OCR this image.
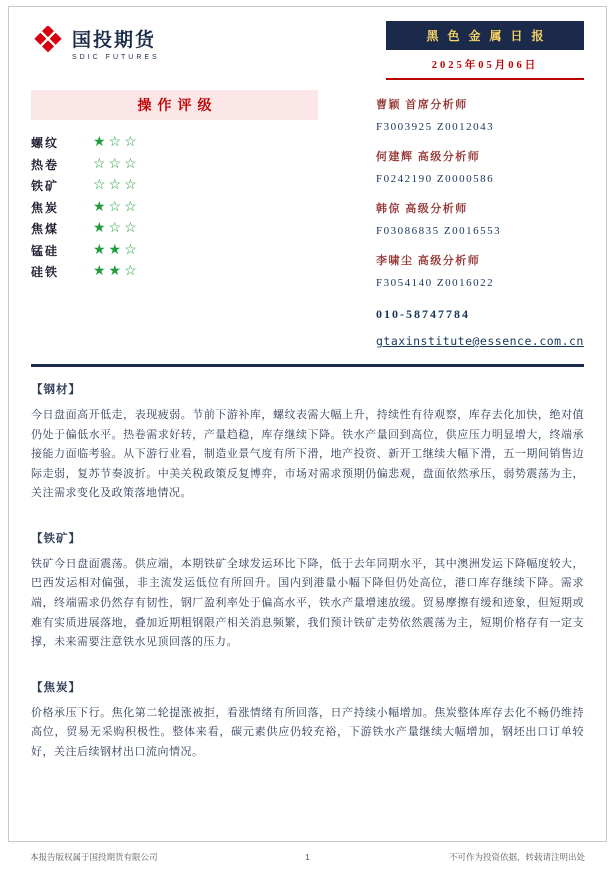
国投期货
SDIC FUTURES
黑色金属日报
2025年05月06日
操作评级
螺纹	★☆☆
热卷	☆☆☆
铁矿	☆☆☆
焦炭	★☆☆
焦煤	★☆☆
锰硅	★★☆
硅铁	★★☆
曹颖 首席分析师
F3003925 Z0012043
何建辉 高级分析师
F0242190 Z0000586
韩倞 高级分析师
F03086835 Z0016553
李啸尘 高级分析师
F3054140 Z0016022
010-58747784
gtaxinstitute@essence.com.cn
【钢材】

今日盘面高开低走，表现疲弱。节前下游补库，螺纹表需大幅上升，持续性有待观察，库存去化加快，绝对值仍处于偏低水平。热卷需求好转，产量趋稳，库存继续下降。铁水产量回到高位，供应压力明显增大，终端承接能力面临考验。从下游行业看，制造业景气度有所下滑，地产投资、新开工继续大幅下滑，五一期间销售边际走弱，复苏节奏波折。中美关税政策反复博弈，市场对需求预期仍偏悲观，盘面依然承压，弱势震荡为主，关注需求变化及政策落地情况。

【铁矿】

铁矿今日盘面震荡。供应端，本期铁矿全球发运环比下降，低于去年同期水平，其中澳洲发运下降幅度较大，巴西发运相对偏强，非主流发运低位有所回升。国内到港量小幅下降但仍处高位，港口库存继续下降。需求端，终端需求仍然存有韧性，钢厂盈利率处于偏高水平，铁水产量增速放缓。贸易摩擦有缓和迹象，但短期或难有实质进展落地，叠加近期粗钢限产相关消息频繁，我们预计铁矿走势依然震荡为主，短期价格存有一定支撑，未来需要注意铁水见顶回落的压力。

【焦炭】

价格承压下行。焦化第二轮提涨被拒，看涨情绪有所回落，日产持续小幅增加。焦炭整体库存去化不畅仍维持高位，贸易无采购积极性。整体来看，碳元素供应仍较充裕，下游铁水产量继续大幅增加，钢坯出口订单较好，关注后续钢材出口流向情况。

本报告版权属于国投期货有限公司	1	不可作为投资依据，转载请注明出处
